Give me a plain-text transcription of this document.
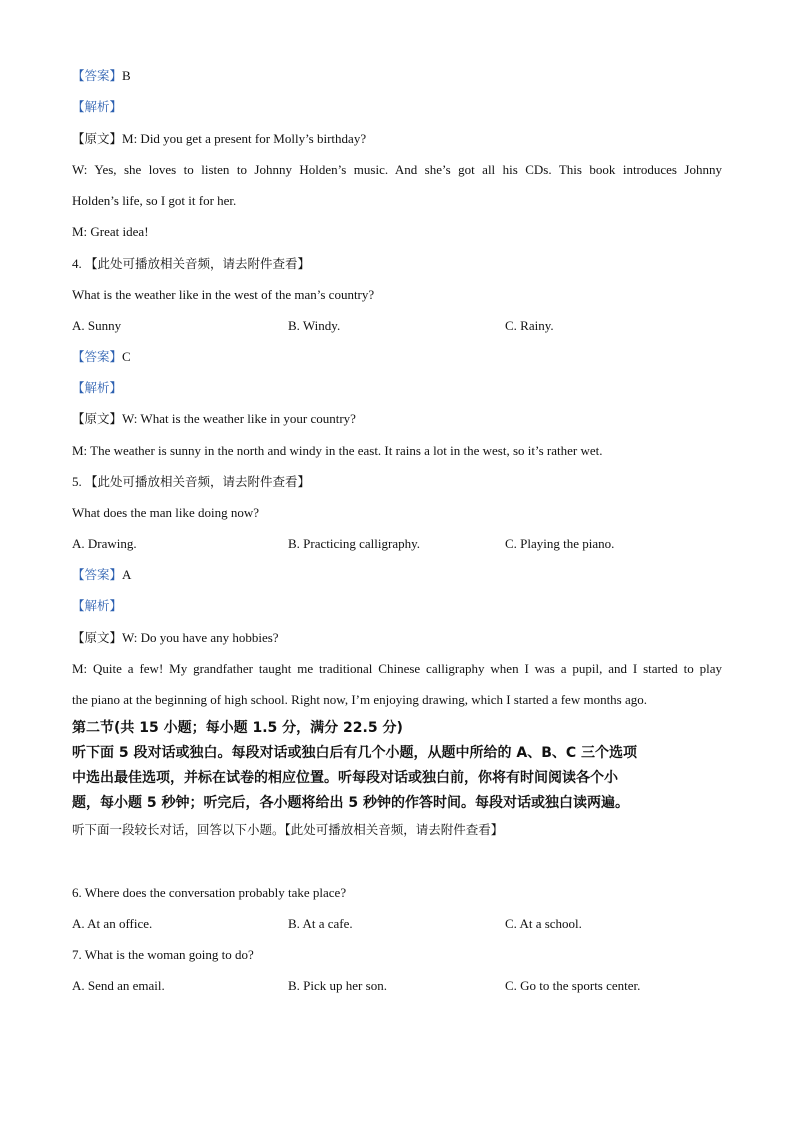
【答案】B
【解析】
【原文】M: Did you get a present for Molly’s birthday?
W: Yes, she loves to listen to Johnny Holden’s music. And she’s got all his CDs. This book introduces Johnny
Holden’s life, so I got it for her.
M: Great idea!
4. 【此处可播放相关音频，请去附件查看】
What is the weather like in the west of the man’s country?
A. Sunny	B. Windy.	C. Rainy.
【答案】C
【解析】
【原文】W: What is the weather like in your country?
M: The weather is sunny in the north and windy in the east. It rains a lot in the west, so it’s rather wet.
5. 【此处可播放相关音频，请去附件查看】
What does the man like doing now?
A. Drawing.	B. Practicing calligraphy.	C. Playing the piano.
【答案】A
【解析】
【原文】W: Do you have any hobbies?
M: Quite a few! My grandfather taught me traditional Chinese calligraphy when I was a pupil, and I started to play
the piano at the beginning of high school. Right now, I’m enjoying drawing, which I started a few months ago.
第二节(共 15 小题；每小题 1.5 分，满分 22.5 分)
听下面 5 段对话或独白。每段对话或独白后有几个小题，从题中所给的 A、B、C 三个选项
中选出最佳选项，并标在试卷的相应位置。听每段对话或独白前，你将有时间阅读各个小
题，每小题 5 秒钟；听完后，各小题将给出 5 秒钟的作答时间。每段对话或独白读两遍。
听下面一段较长对话，回答以下小题。【此处可播放相关音频，请去附件查看】
6. Where does the conversation probably take place?
A. At an office.	B. At a cafe.	C. At a school.
7. What is the woman going to do?
A. Send an email.	B. Pick up her son.	C. Go to the sports center.
